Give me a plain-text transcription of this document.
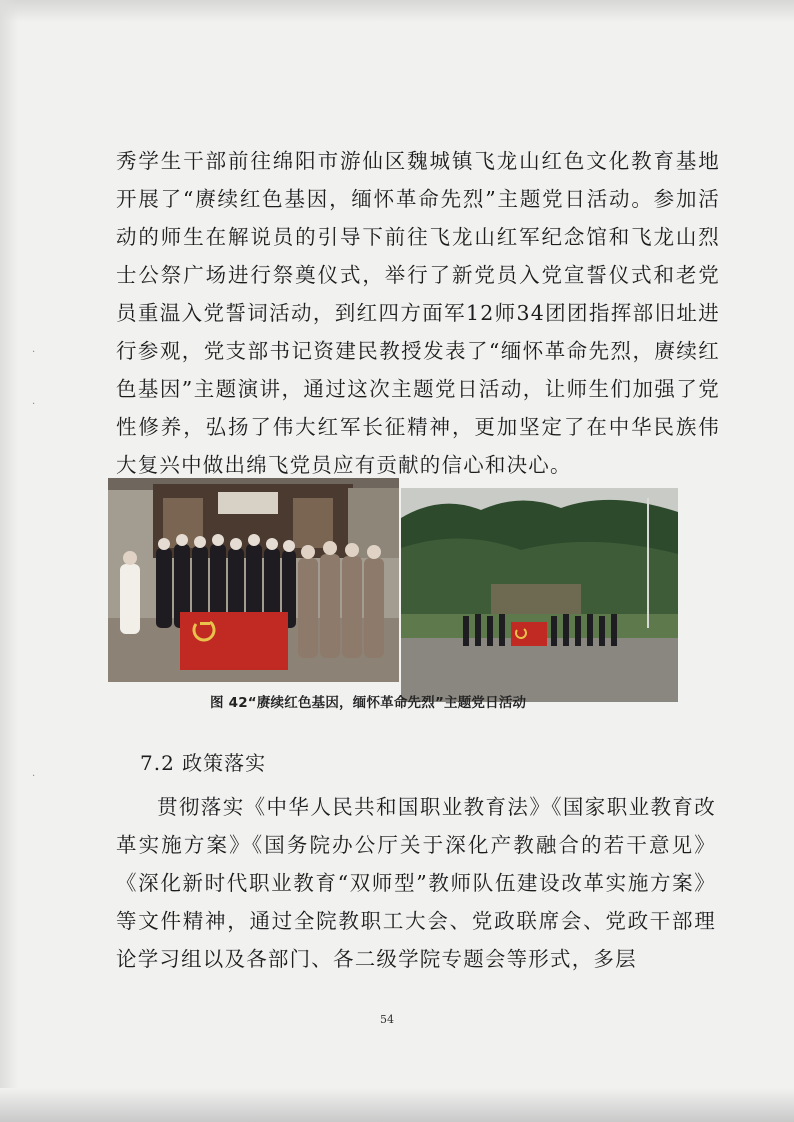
·
·
·

秀学生干部前往绵阳市游仙区魏城镇飞龙山红色文化教育基地开展了“赓续红色基因，缅怀革命先烈”主题党日活动。参加活动的师生在解说员的引导下前往飞龙山红军纪念馆和飞龙山烈士公祭广场进行祭奠仪式，举行了新党员入党宣誓仪式和老党员重温入党誓词活动，到红四方面军12师34团团指挥部旧址进行参观，党支部书记资建民教授发表了“缅怀革命先烈，赓续红色基因”主题演讲，通过这次主题党日活动，让师生们加强了党性修养，弘扬了伟大红军长征精神，更加坚定了在中华民族伟大复兴中做出绵飞党员应有贡献的信心和决心。

图 42“赓续红色基因，缅怀革命先烈”主题党日活动
7.2 政策落实

贯彻落实《中华人民共和国职业教育法》《国家职业教育改革实施方案》《国务院办公厅关于深化产教融合的若干意见》《深化新时代职业教育“双师型”教师队伍建设改革实施方案》等文件精神，通过全院教职工大会、党政联席会、党政干部理论学习组以及各部门、各二级学院专题会等形式，多层

54
